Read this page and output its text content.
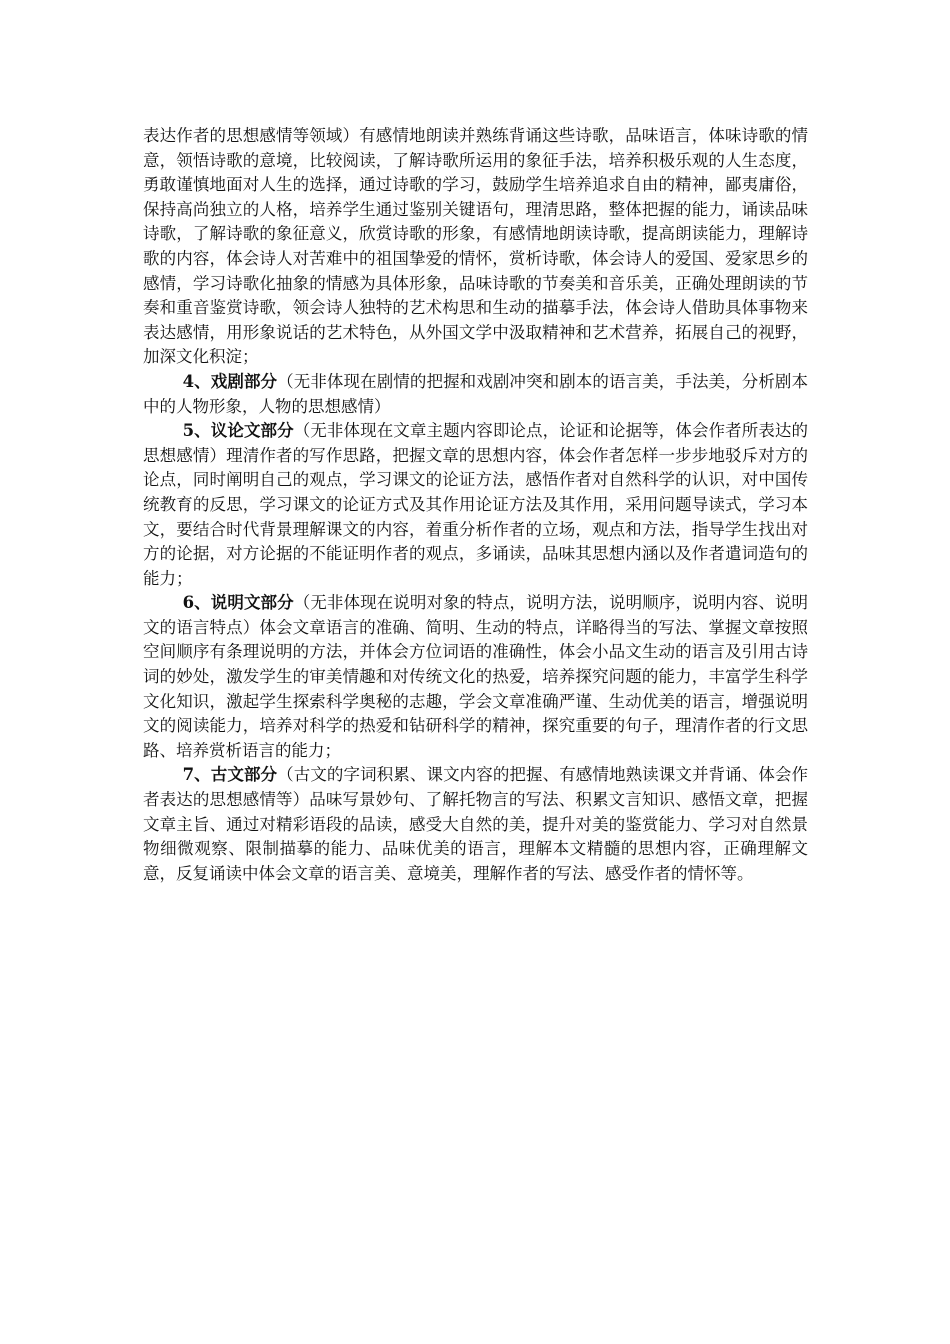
表达作者的思想感情等领域）有感情地朗读并熟练背诵这些诗歌，品味语言，体味诗歌的情意，领悟诗歌的意境，比较阅读，了解诗歌所运用的象征手法，培养积极乐观的人生态度，勇敢谨慎地面对人生的选择，通过诗歌的学习，鼓励学生培养追求自由的精神，鄙夷庸俗，保持高尚独立的人格，培养学生通过鉴别关键语句，理清思路，整体把握的能力，诵读品味诗歌，了解诗歌的象征意义，欣赏诗歌的形象，有感情地朗读诗歌，提高朗读能力，理解诗歌的内容，体会诗人对苦难中的祖国挚爱的情怀，赏析诗歌，体会诗人的爱国、爱家思乡的感情，学习诗歌化抽象的情感为具体形象，品味诗歌的节奏美和音乐美，正确处理朗读的节奏和重音鉴赏诗歌，领会诗人独特的艺术构思和生动的描摹手法，体会诗人借助具体事物来表达感情，用形象说话的艺术特色，从外国文学中汲取精神和艺术营养，拓展自己的视野，加深文化积淀；

4、戏剧部分（无非体现在剧情的把握和戏剧冲突和剧本的语言美，手法美，分析剧本中的人物形象，人物的思想感情）

5、议论文部分（无非体现在文章主题内容即论点，论证和论据等，体会作者所表达的思想感情）理清作者的写作思路，把握文章的思想内容，体会作者怎样一步步地驳斥对方的论点，同时阐明自己的观点，学习课文的论证方法，感悟作者对自然科学的认识，对中国传统教育的反思，学习课文的论证方式及其作用论证方法及其作用，采用问题导读式，学习本文，要结合时代背景理解课文的内容，着重分析作者的立场，观点和方法，指导学生找出对方的论据，对方论据的不能证明作者的观点，多诵读，品味其思想内涵以及作者遣词造句的能力；

6、说明文部分（无非体现在说明对象的特点，说明方法，说明顺序，说明内容、说明文的语言特点）体会文章语言的准确、简明、生动的特点，详略得当的写法、掌握文章按照空间顺序有条理说明的方法，并体会方位词语的准确性，体会小品文生动的语言及引用古诗词的妙处，激发学生的审美情趣和对传统文化的热爱，培养探究问题的能力，丰富学生科学文化知识，激起学生探索科学奥秘的志趣，学会文章准确严谨、生动优美的语言，增强说明文的阅读能力，培养对科学的热爱和钻研科学的精神，探究重要的句子，理清作者的行文思路、培养赏析语言的能力；

7、古文部分（古文的字词积累、课文内容的把握、有感情地熟读课文并背诵、体会作者表达的思想感情等）品味写景妙句、了解托物言的写法、积累文言知识、感悟文章，把握文章主旨、通过对精彩语段的品读，感受大自然的美，提升对美的鉴赏能力、学习对自然景物细微观察、限制描摹的能力、品味优美的语言，理解本文精髓的思想内容，正确理解文意，反复诵读中体会文章的语言美、意境美，理解作者的写法、感受作者的情怀等。
